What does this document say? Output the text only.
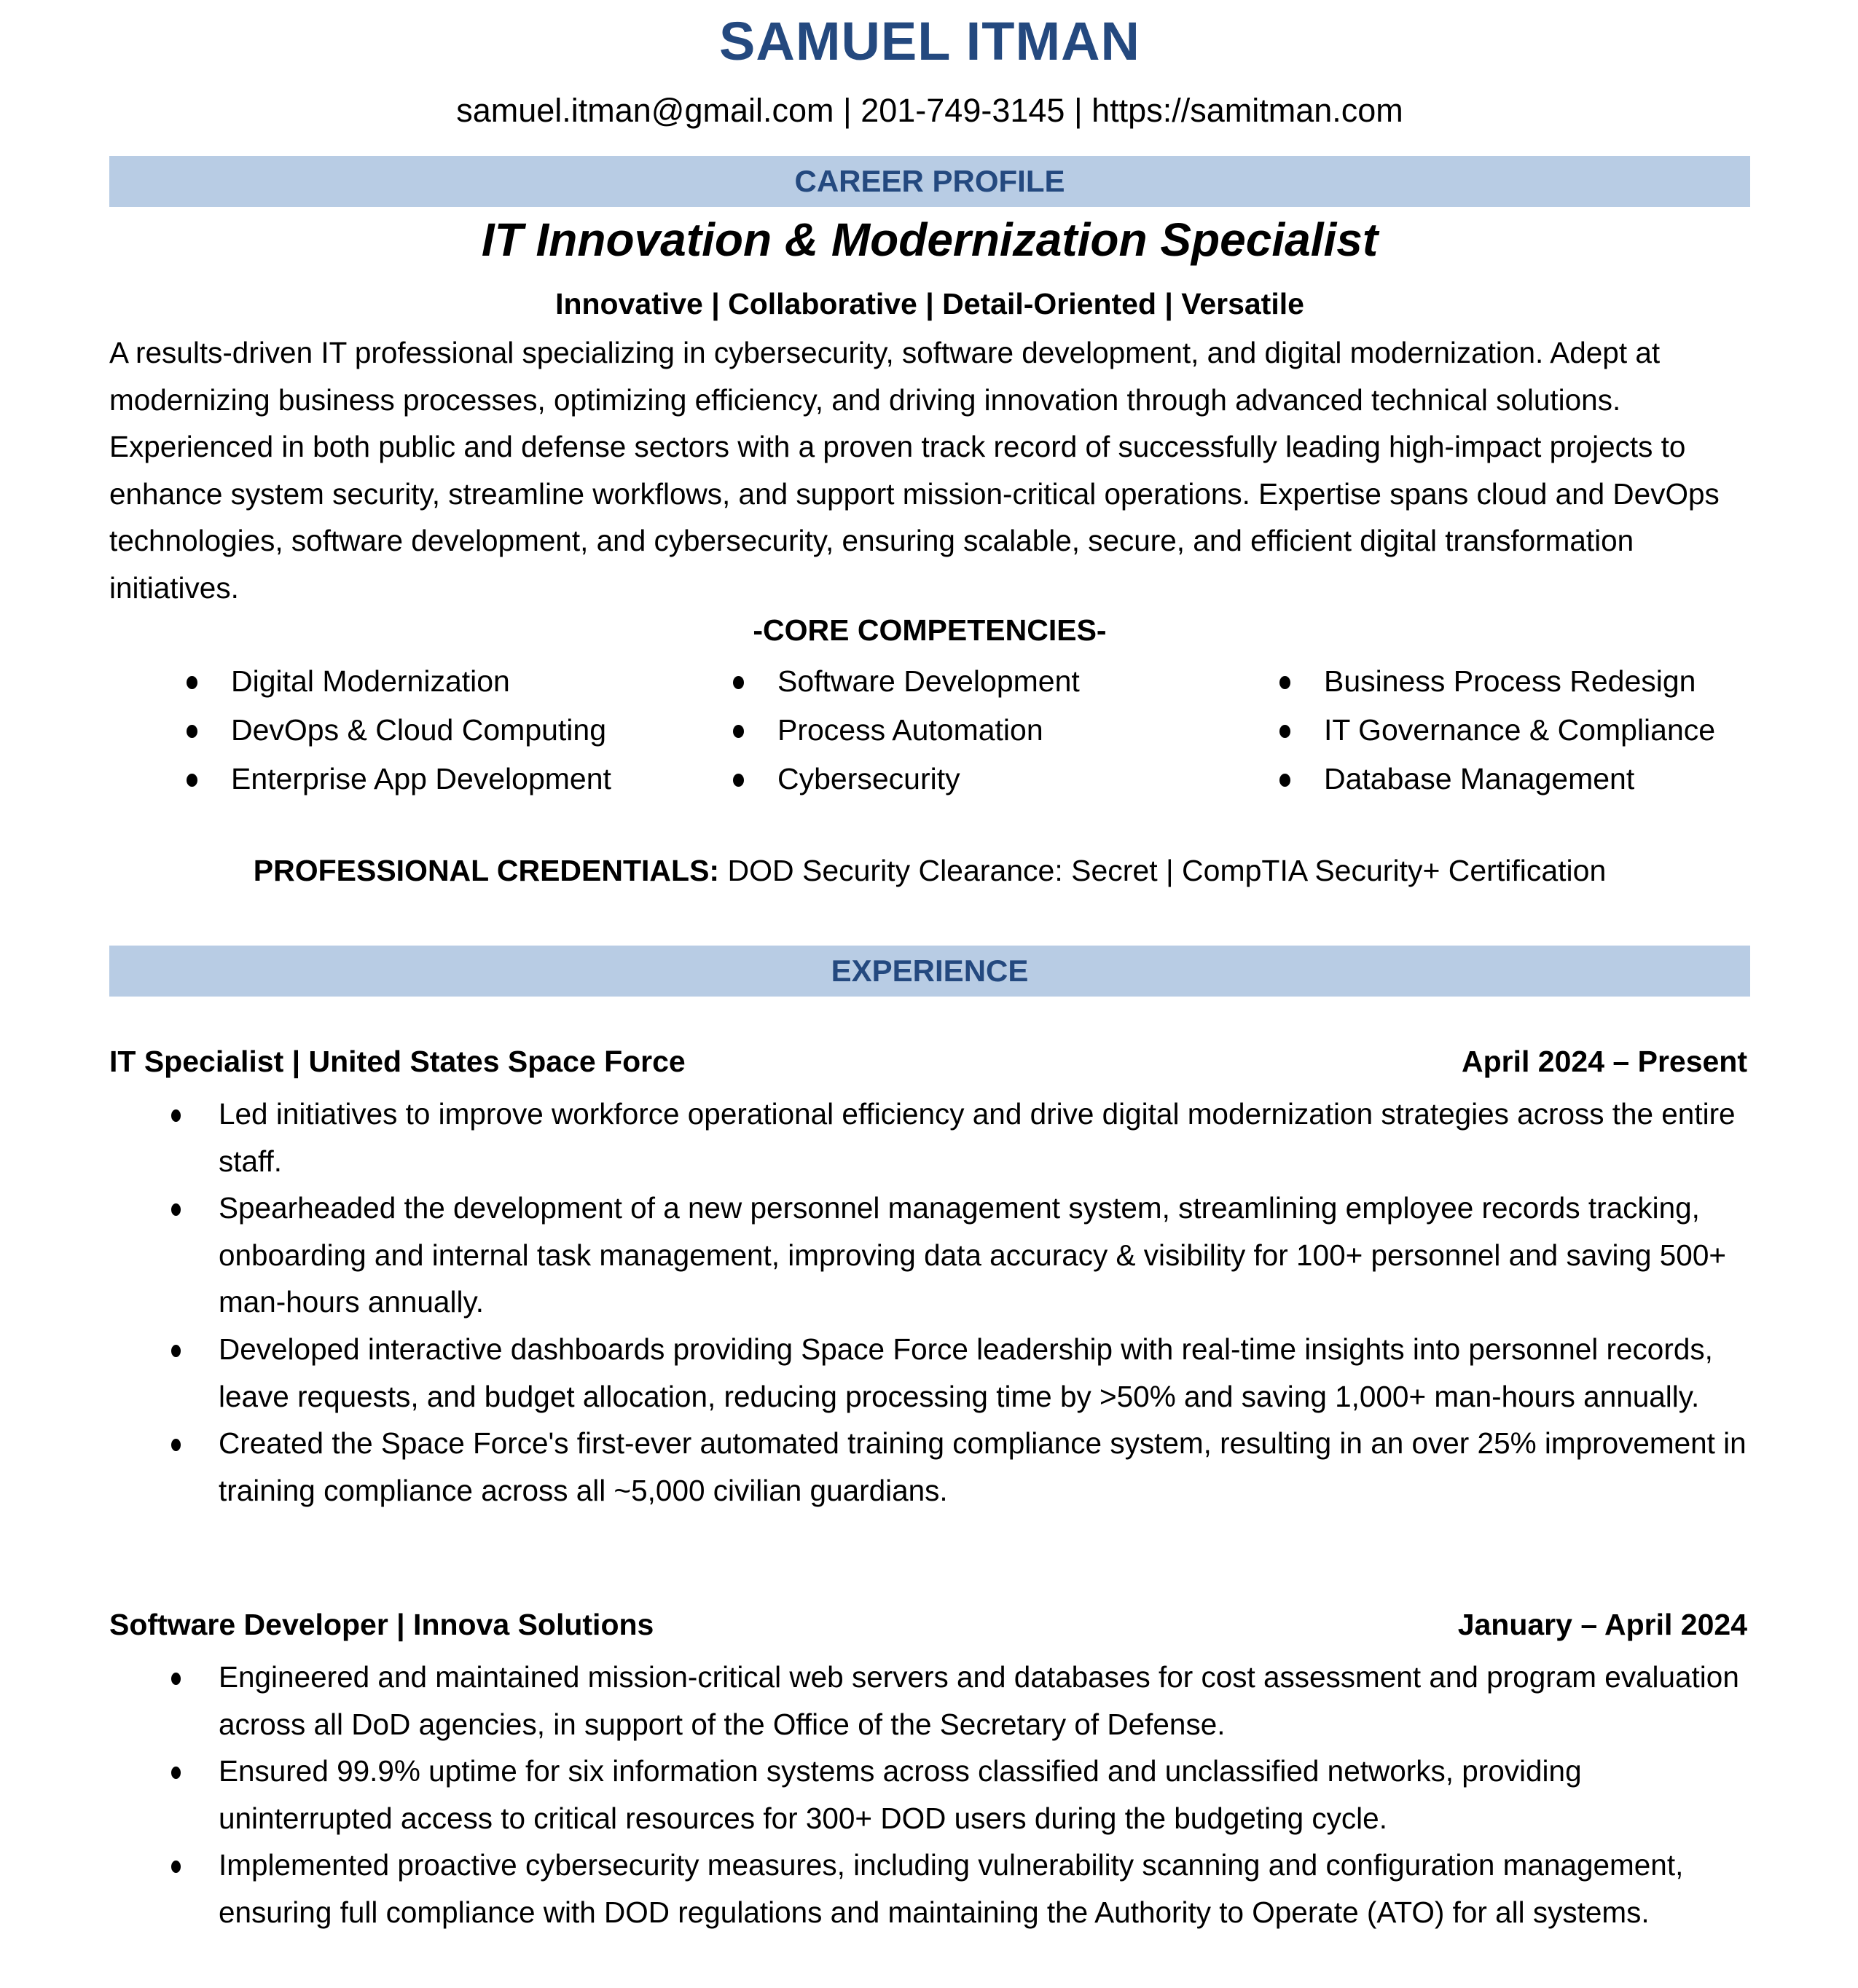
SAMUEL ITMAN
samuel.itman@gmail.com | 201-749-3145 | https://samitman.com
CAREER PROFILE
IT Innovation & Modernization Specialist
Innovative | Collaborative | Detail-Oriented | Versatile
A results-driven IT professional specializing in cybersecurity, software development, and digital modernization. Adept at modernizing business processes, optimizing efficiency, and driving innovation through advanced technical solutions. Experienced in both public and defense sectors with a proven track record of successfully leading high-impact projects to enhance system security, streamline workflows, and support mission-critical operations. Expertise spans cloud and DevOps technologies, software development, and cybersecurity, ensuring scalable, secure, and efficient digital transformation initiatives.
-CORE COMPETENCIES-
Digital Modernization
DevOps & Cloud Computing
Enterprise App Development
Software Development
Process Automation
Cybersecurity
Business Process Redesign
IT Governance & Compliance
Database Management
PROFESSIONAL CREDENTIALS: DOD Security Clearance: Secret | CompTIA Security+ Certification
EXPERIENCE
IT Specialist | United States Space Force	April 2024 – Present
Led initiatives to improve workforce operational efficiency and drive digital modernization strategies across the entire staff.
Spearheaded the development of a new personnel management system, streamlining employee records tracking, onboarding and internal task management, improving data accuracy & visibility for 100+ personnel and saving 500+ man-hours annually.
Developed interactive dashboards providing Space Force leadership with real-time insights into personnel records, leave requests, and budget allocation, reducing processing time by >50% and saving 1,000+ man-hours annually.
Created the Space Force's first-ever automated training compliance system, resulting in an over 25% improvement in training compliance across all ~5,000 civilian guardians.
Software Developer | Innova Solutions	January – April 2024
Engineered and maintained mission-critical web servers and databases for cost assessment and program evaluation across all DoD agencies, in support of the Office of the Secretary of Defense.
Ensured 99.9% uptime for six information systems across classified and unclassified networks, providing uninterrupted access to critical resources for 300+ DOD users during the budgeting cycle.
Implemented proactive cybersecurity measures, including vulnerability scanning and configuration management, ensuring full compliance with DOD regulations and maintaining the Authority to Operate (ATO) for all systems.
